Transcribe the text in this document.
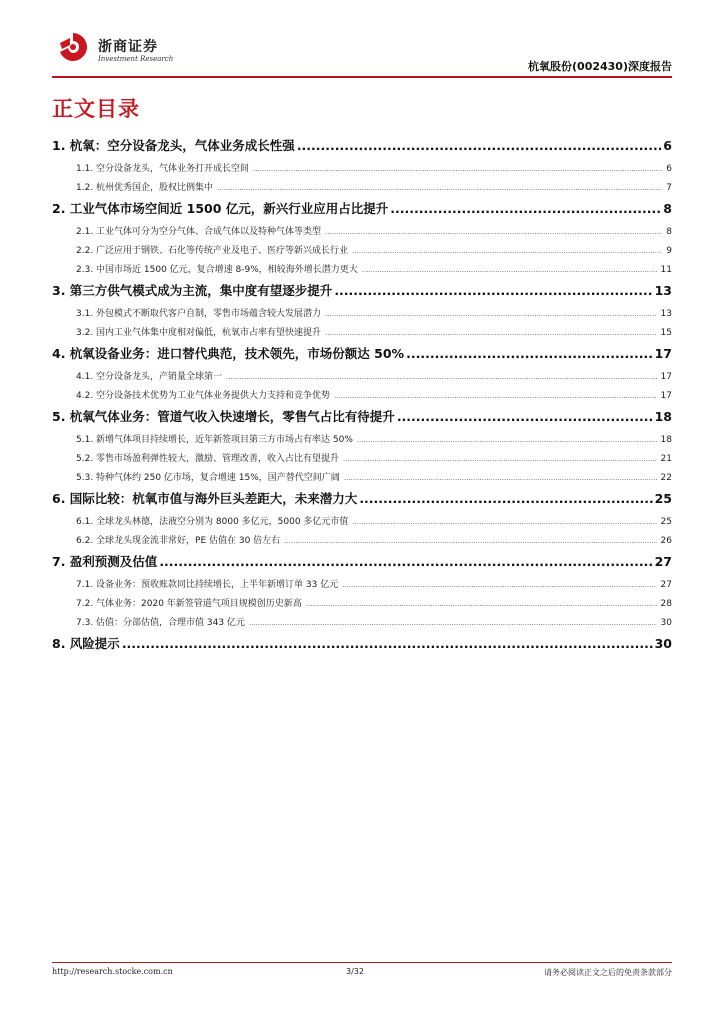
浙商证券
Investment Research
杭氧股份(002430)深度报告
正文目录
1. 杭氧：空分设备龙头，气体业务成长性强 .....	6
1.1. 空分设备龙头，气体业务打开成长空间 .....	6
1.2. 杭州优秀国企，股权比例集中 .....	7
2. 工业气体市场空间近 1500 亿元，新兴行业应用占比提升 .....	8
2.1. 工业气体可分为空分气体、合成气体以及特种气体等类型 .....	8
2.2. 广泛应用于钢铁、石化等传统产业及电子、医疗等新兴成长行业 .....	9
2.3. 中国市场近 1500 亿元，复合增速 8-9%，相较海外增长潜力更大 .....	11
3. 第三方供气模式成为主流，集中度有望逐步提升 .....	13
3.1. 外包模式不断取代客户自制，零售市场蕴含较大发展潜力 .....	13
3.2. 国内工业气体集中度相对偏低，杭氧市占率有望快速提升 .....	15
4. 杭氧设备业务：进口替代典范，技术领先，市场份额达 50% .....	17
4.1. 空分设备龙头，产销量全球第一 .....	17
4.2. 空分设备技术优势为工业气体业务提供大力支持和竞争优势 .....	17
5. 杭氧气体业务：管道气收入快速增长，零售气占比有待提升 .....	18
5.1. 新增气体项目持续增长，近年新签项目第三方市场占有率达 50% .....	18
5.2. 零售市场盈利弹性较大，激励、管理改善，收入占比有望提升 .....	21
5.3. 特种气体约 250 亿市场，复合增速 15%，国产替代空间广阔 .....	22
6. 国际比较：杭氧市值与海外巨头差距大，未来潜力大 .....	25
6.1. 全球龙头林德，法液空分别为 8000 多亿元，5000 多亿元市值 .....	25
6.2. 全球龙头现金流非常好，PE 估值在 30 倍左右 .....	26
7. 盈利预测及估值 .....	27
7.1. 设备业务：预收账款同比持续增长，上半年新增订单 33 亿元 .....	27
7.2. 气体业务：2020 年新签管道气项目规模创历史新高 .....	28
7.3. 估值：分部估值，合理市值 343 亿元 .....	30
8. 风险提示 .....	30
http://research.stocke.com.cn	3/32	请务必阅读正文之后的免责条款部分
